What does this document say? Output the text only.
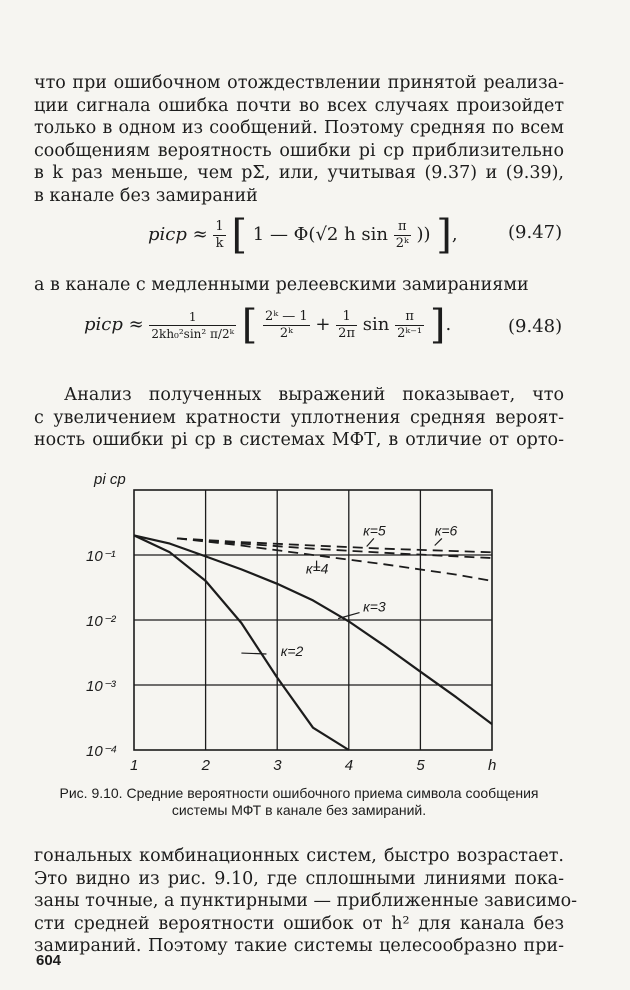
что при ошибочном отождествлении принятой реализа-
ции сигнала ошибка почти во всех случаях произойдет
только в одном из сообщений. Поэтому средняя по всем
сообщениям вероятность ошибки pi ср приблизительно
в k раз меньше, чем pΣ, или, учитывая (9.37) и (9.39),
в канале без замираний
piср ≈ $\frac{1}{k}$ [ 1 — Φ(√2 h $\sin \frac{\pi}{\text{2ᵏ}}$ )) ],	(9.47)
а в канале с медленными релеевскими замираниями
piср ≈ $\frac{1}{\text{2kh₀²sin² π/2ᵏ}}$ [ $\frac{\text{2ᵏ — 1}}{\text{2ᵏ}} + \frac{1}{2\pi}$ $\sin \frac{\pi}{\text{2ᵏ⁻¹}}$ ].	(9.48)
Анализ полученных выражений показывает, что
с увеличением кратности уплотнения средняя вероят-
ность ошибки pi ср в системах МФТ, в отличие от орто-
1	2	3	4	5	h
10⁻¹
10⁻²
10⁻³
10⁻⁴
pi ср
к=2
к=3
к=4
к=5	к=6
Рис. 9.10. Средние вероятности ошибочного приема символа сообщения системы МФТ в канале без замираний.
гональных комбинационных систем, быстро возрастает.
Это видно из рис. 9.10, где сплошными линиями пока-
заны точные, а пунктирными — приближенные зависимо-
сти средней вероятности ошибок от h² для канала без
замираний. Поэтому такие системы целесообразно при-
604
